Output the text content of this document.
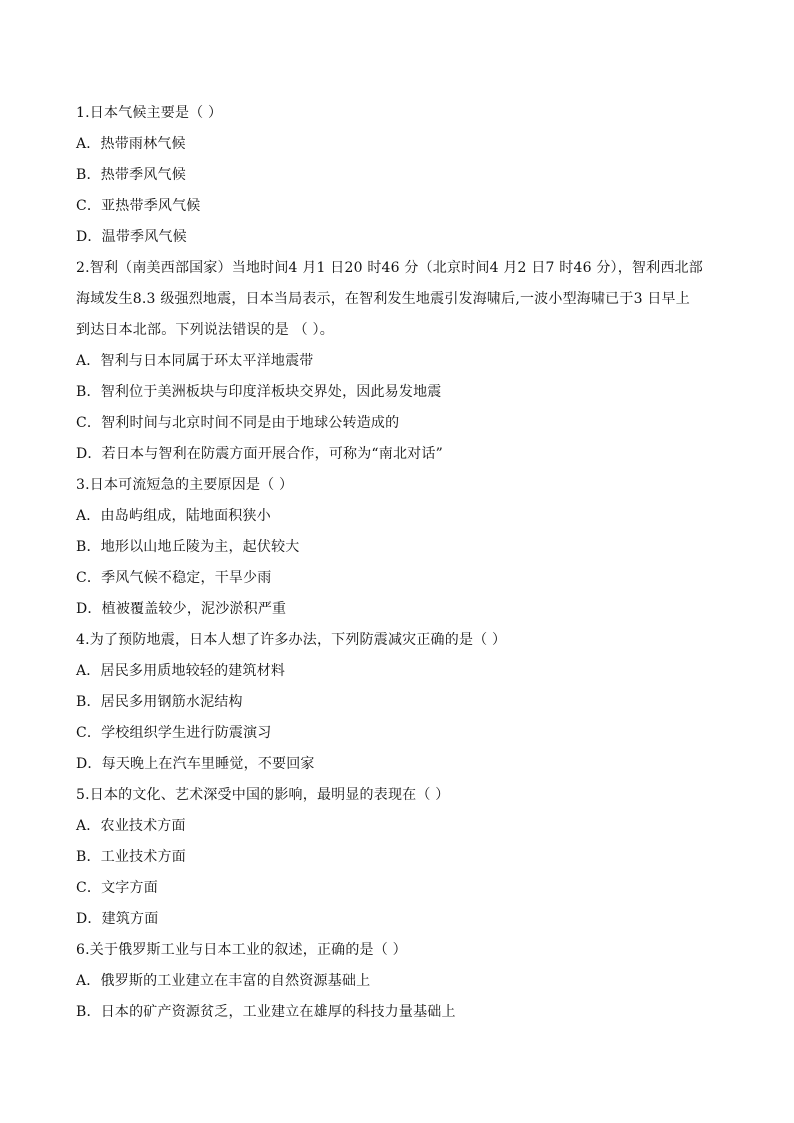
1.日本气候主要是（ ）
A．热带雨林气候
B．热带季风气候
C．亚热带季风气候
D．温带季风气候
2.智利（南美西部国家）当地时间4 月1 日20 时46 分（北京时间4 月2 日7 时46 分），智利西北部
海域发生8.3 级强烈地震，日本当局表示，在智利发生地震引发海啸后,一波小型海啸已于3 日早上
到达日本北部。下列说法错误的是 （ ）。
A．智利与日本同属于环太平洋地震带
B．智利位于美洲板块与印度洋板块交界处，因此易发地震
C．智利时间与北京时间不同是由于地球公转造成的
D．若日本与智利在防震方面开展合作，可称为“南北对话”
3.日本可流短急的主要原因是（ ）
A．由岛屿组成，陆地面积狭小
B．地形以山地丘陵为主，起伏较大
C．季风气候不稳定，干旱少雨
D．植被覆盖较少，泥沙淤积严重
4.为了预防地震，日本人想了许多办法，下列防震减灾正确的是（ ）
A．居民多用质地较轻的建筑材料
B．居民多用钢筋水泥结构
C．学校组织学生进行防震演习
D．每天晚上在汽车里睡觉，不要回家
5.日本的文化、艺术深受中国的影响，最明显的表现在（ ）
A．农业技术方面
B．工业技术方面
C．文字方面
D．建筑方面
6.关于俄罗斯工业与日本工业的叙述，正确的是（ ）
A．俄罗斯的工业建立在丰富的自然资源基础上
B．日本的矿产资源贫乏，工业建立在雄厚的科技力量基础上
